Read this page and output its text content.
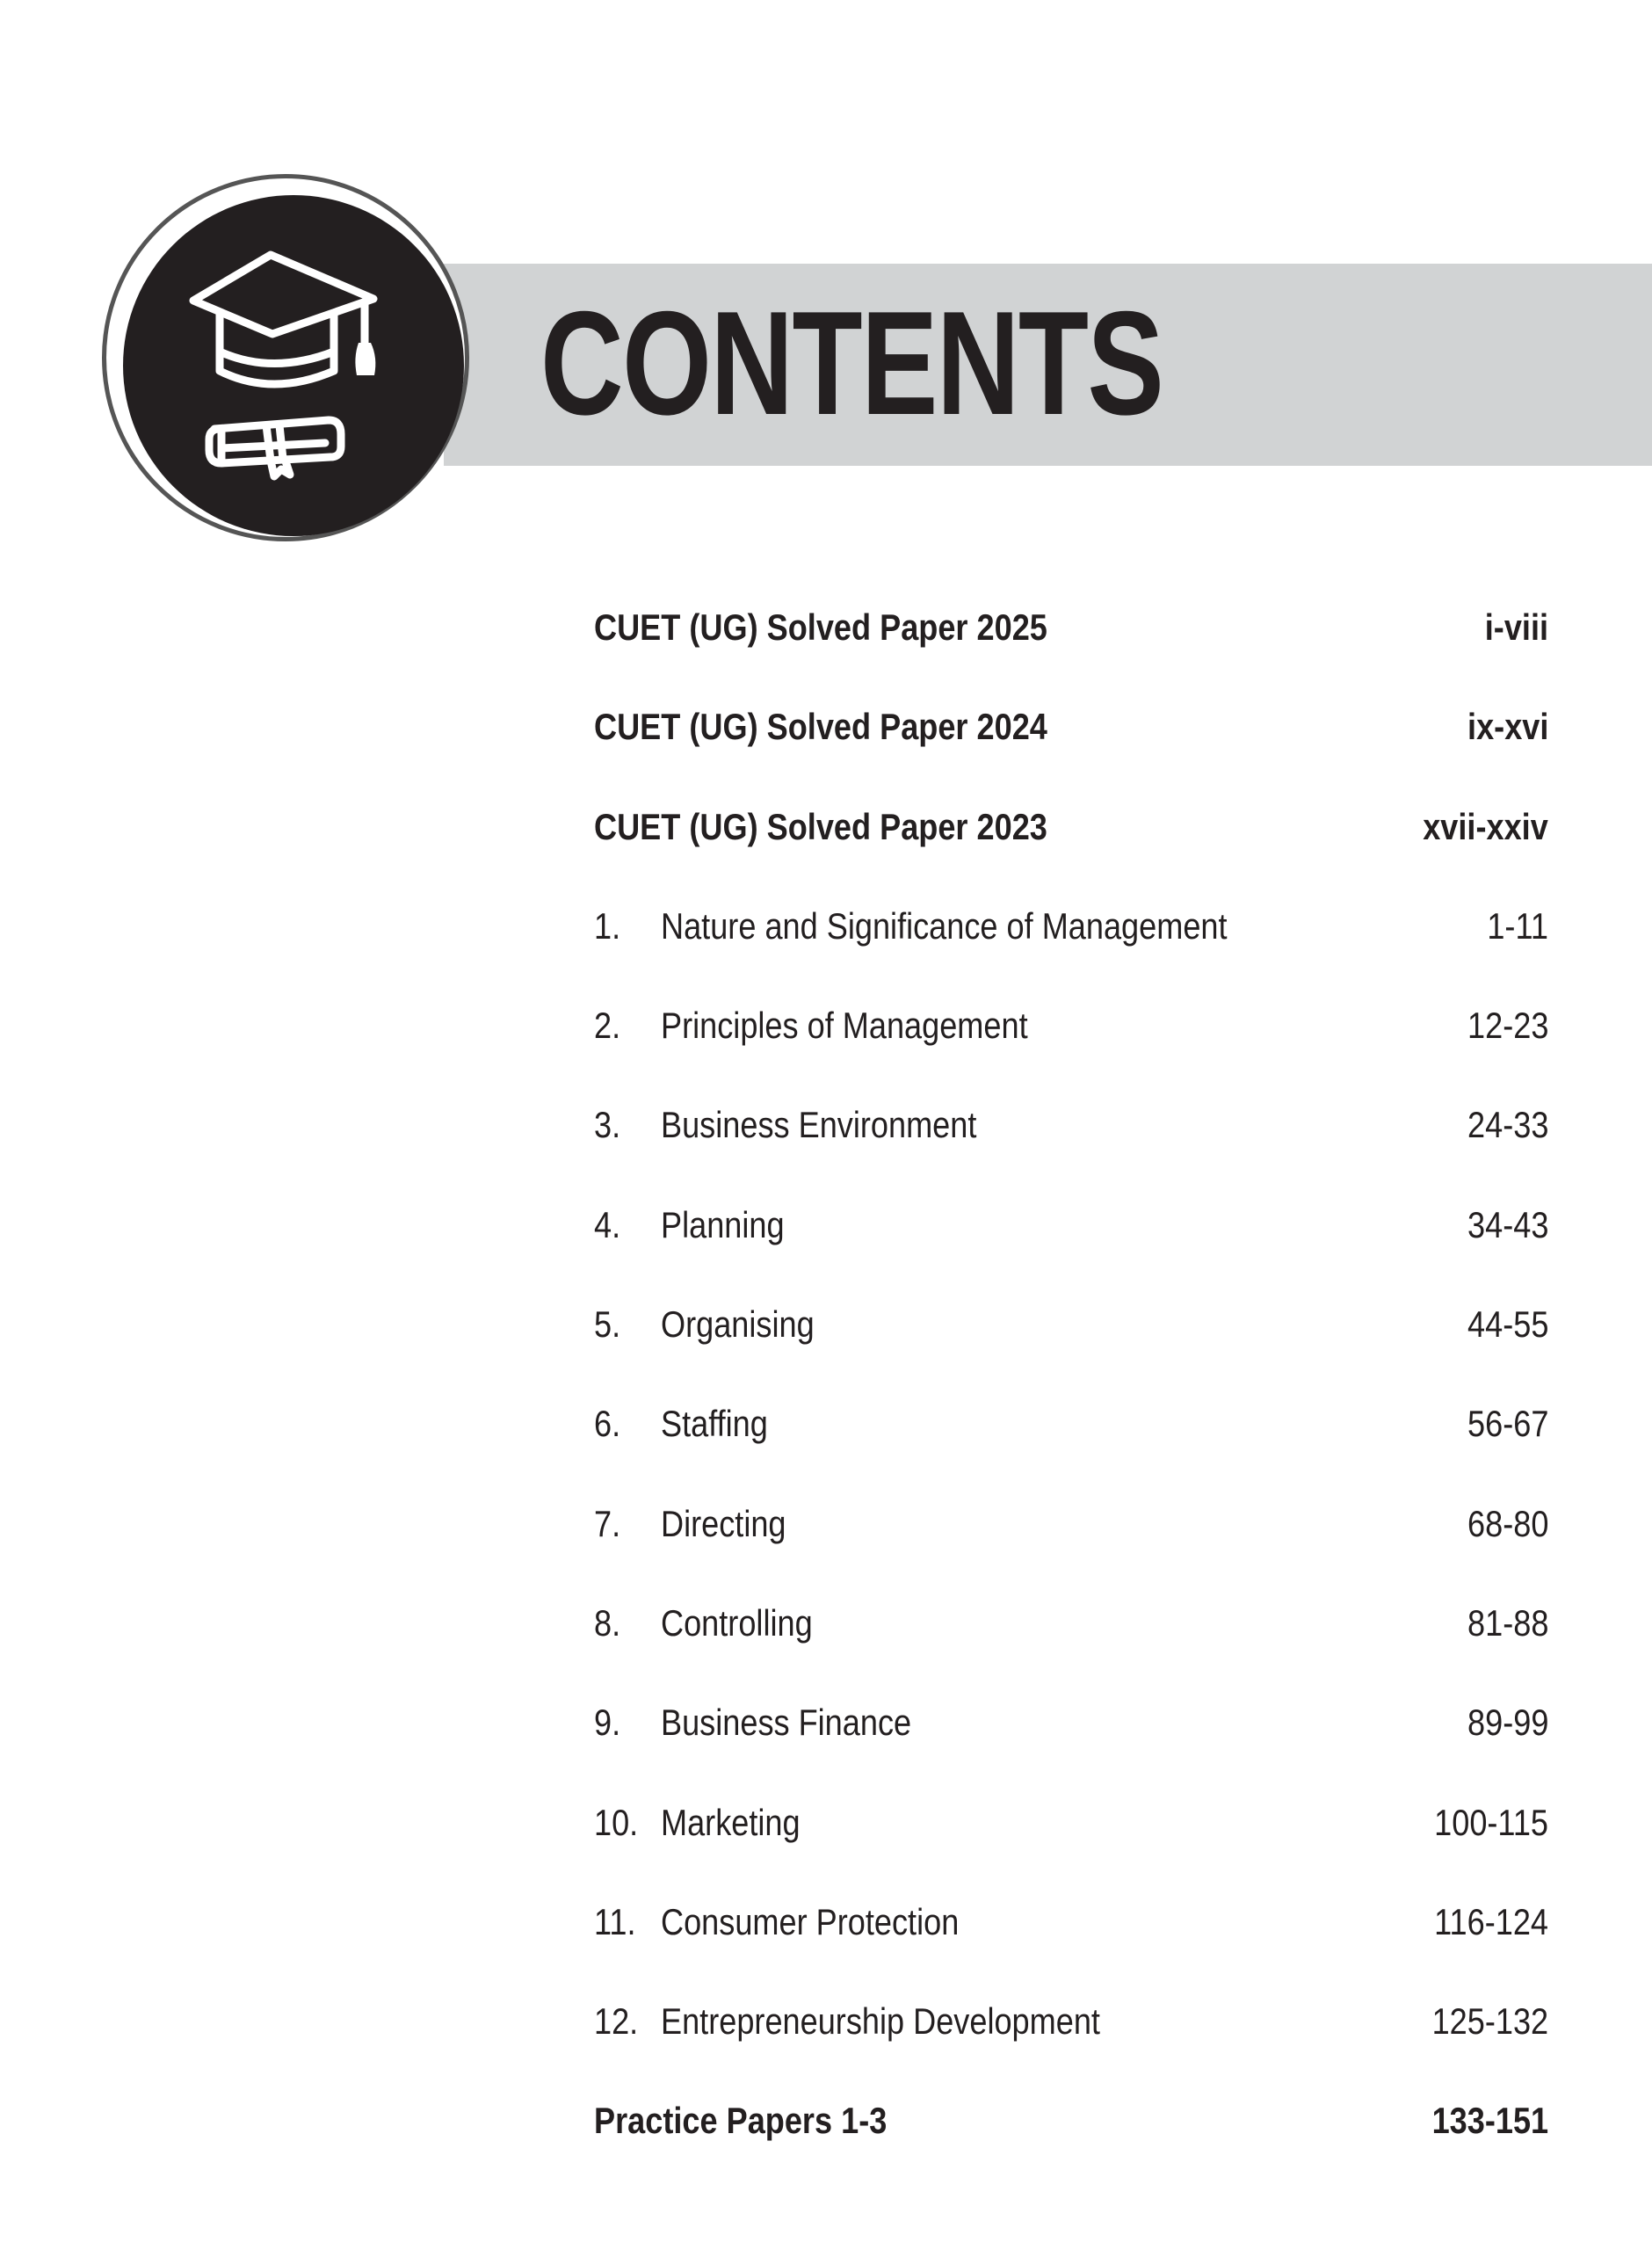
CONTENTS
CUET (UG) Solved Paper 2025	i-viii
CUET (UG) Solved Paper 2024	ix-xvi
CUET (UG) Solved Paper 2023	xvii-xxiv
1.	Nature and Significance of Management	1-11
2.	Principles of Management	12-23
3.	Business Environment	24-33
4.	Planning	34-43
5.	Organising	44-55
6.	Staffing	56-67
7.	Directing	68-80
8.	Controlling	81-88
9.	Business Finance	89-99
10. Marketing	100-115
11. Consumer Protection	116-124
12. Entrepreneurship Development	125-132
Practice Papers 1-3	133-151
